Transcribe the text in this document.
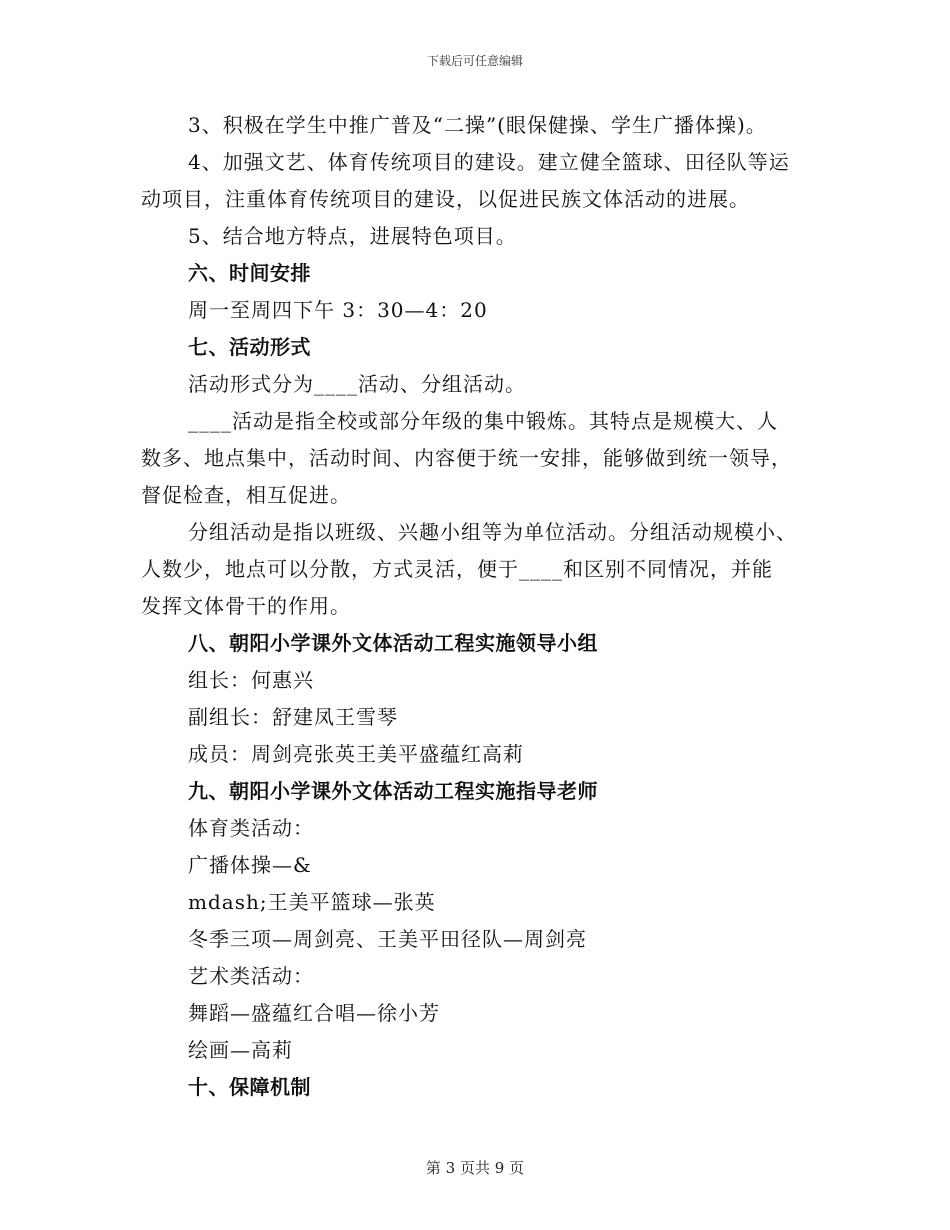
下载后可任意编辑
3、积极在学生中推广普及“二操”(眼保健操、学生广播体操)。
4、加强文艺、体育传统项目的建设。建立健全篮球、田径队等运
动项目，注重体育传统项目的建设，以促进民族文体活动的进展。
5、结合地方特点，进展特色项目。
六、时间安排
周一至周四下午 3：30—4：20
七、活动形式
活动形式分为____活动、分组活动。
____活动是指全校或部分年级的集中锻炼。其特点是规模大、人
数多、地点集中，活动时间、内容便于统一安排，能够做到统一领导，
督促检查，相互促进。
分组活动是指以班级、兴趣小组等为单位活动。分组活动规模小、
人数少，地点可以分散，方式灵活，便于____和区别不同情况，并能
发挥文体骨干的作用。
八、朝阳小学课外文体活动工程实施领导小组
组长：何惠兴
副组长：舒建凤王雪琴
成员：周剑亮张英王美平盛蕴红高莉
九、朝阳小学课外文体活动工程实施指导老师
体育类活动：
广播体操—&
mdash;王美平篮球—张英
冬季三项—周剑亮、王美平田径队—周剑亮
艺术类活动：
舞蹈—盛蕴红合唱—徐小芳
绘画—高莉
十、保障机制
第 3 页共 9 页
